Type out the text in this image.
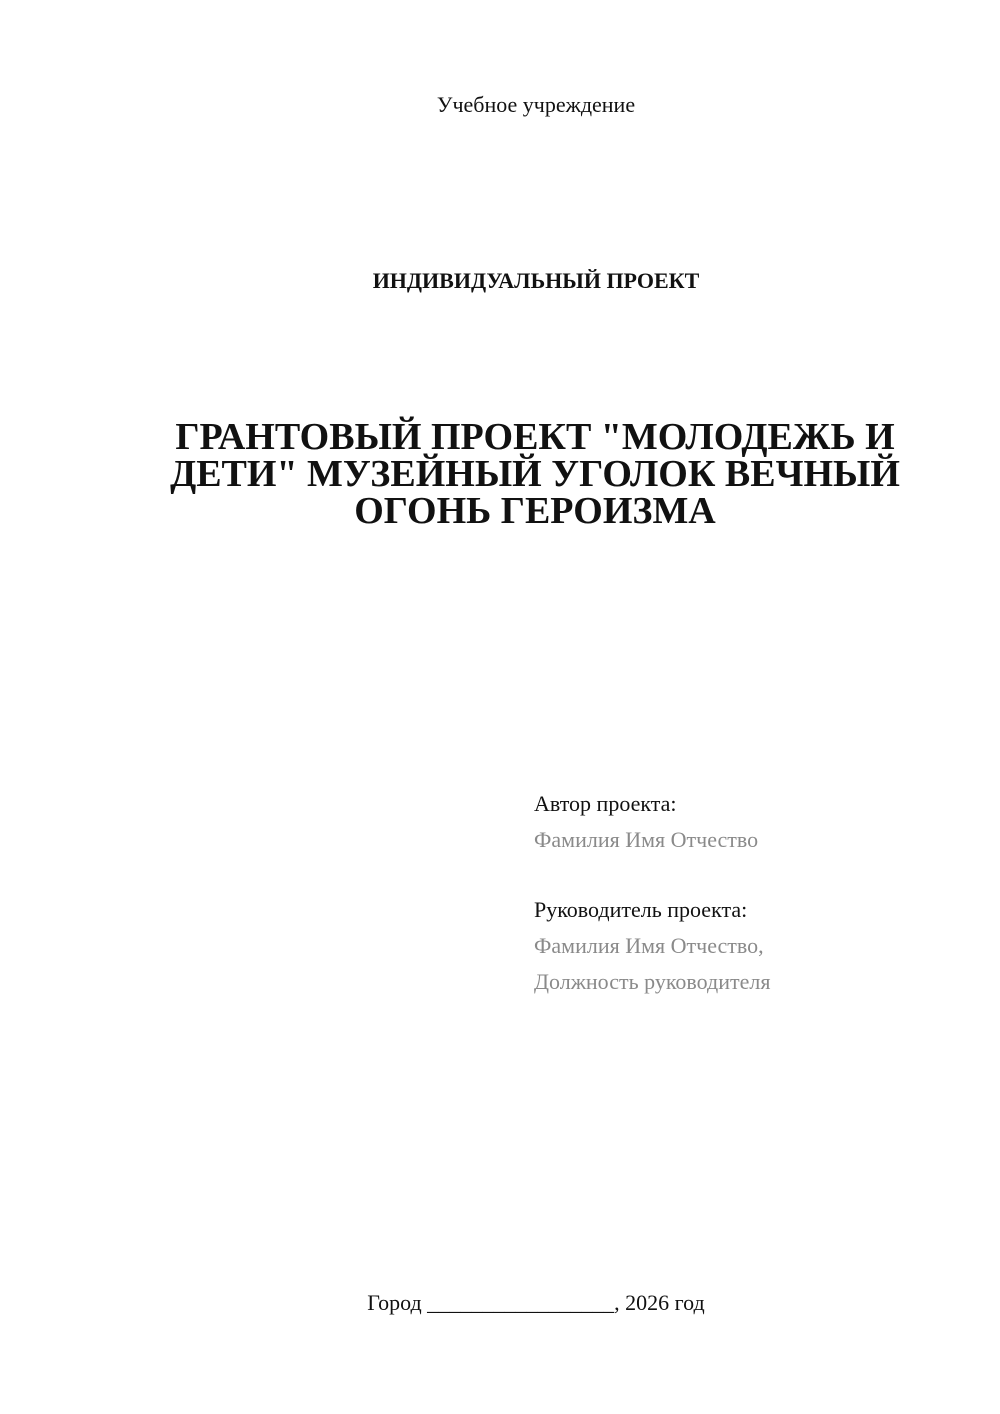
Учебное учреждение
ИНДИВИДУАЛЬНЫЙ ПРОЕКТ
ГРАНТОВЫЙ ПРОЕКТ "МОЛОДЕЖЬ И ДЕТИ" МУЗЕЙНЫЙ УГОЛОК ВЕЧНЫЙ ОГОНЬ ГЕРОИЗМА
Автор проекта:
Фамилия Имя Отчество
Руководитель проекта:
Фамилия Имя Отчество,
Должность руководителя
Город _________________, 2026 год
